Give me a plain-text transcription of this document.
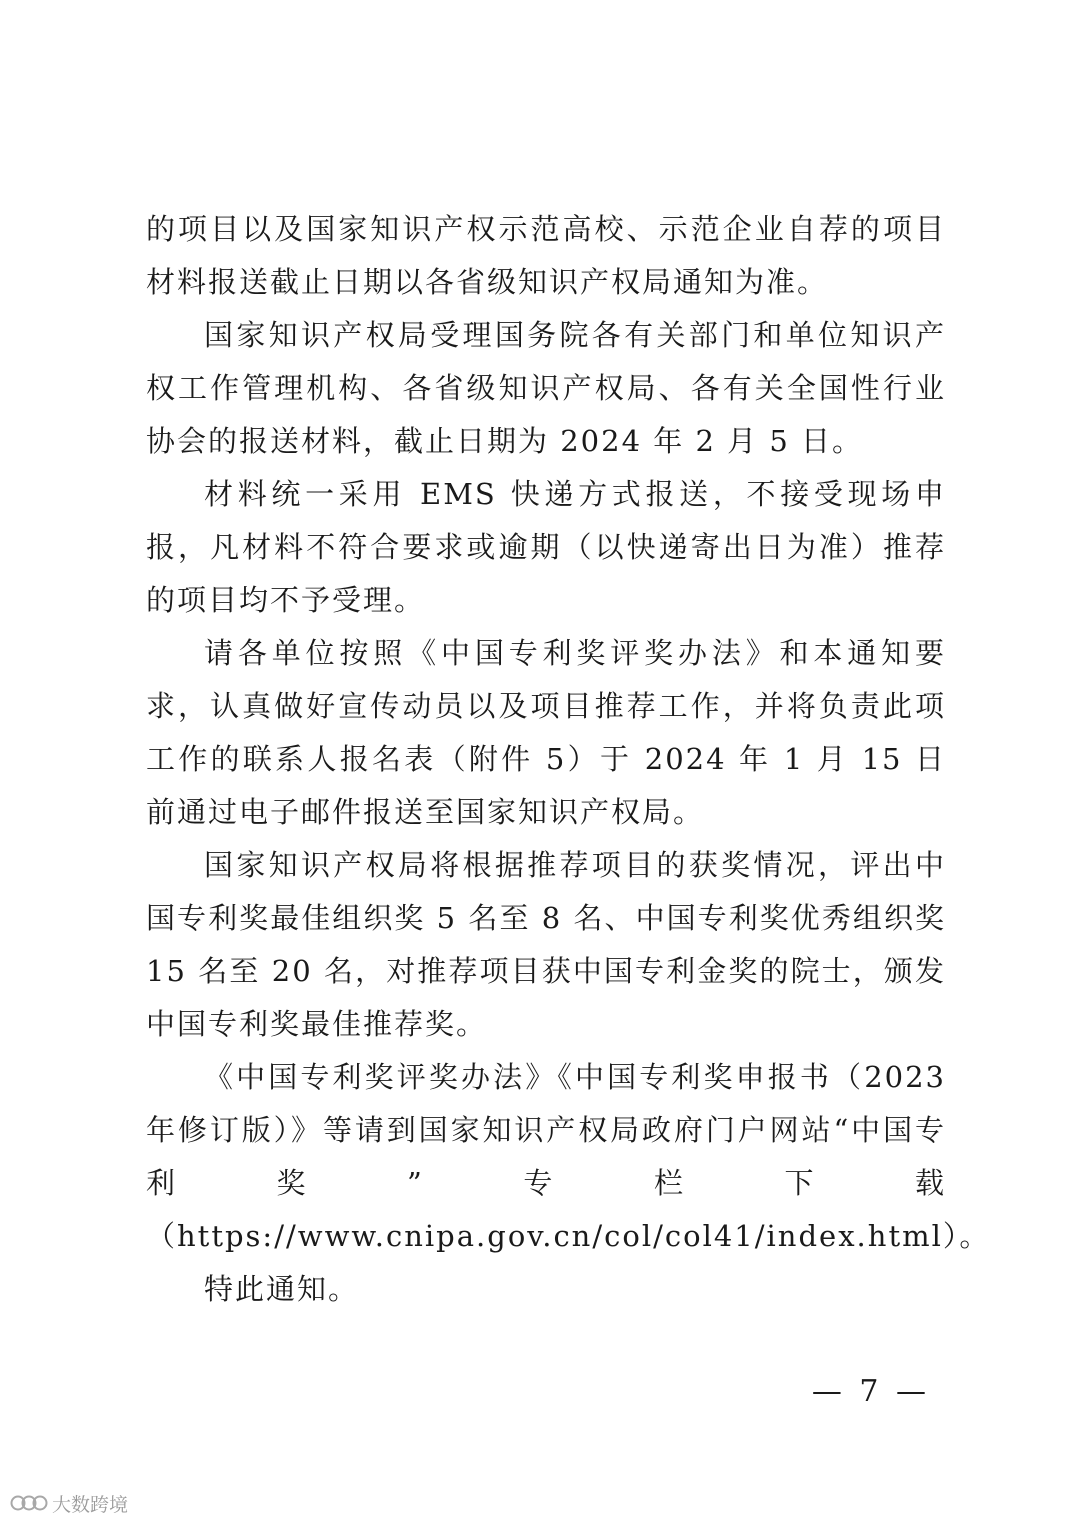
的项目以及国家知识产权示范高校、示范企业自荐的项目材料报送截止日期以各省级知识产权局通知为准。

国家知识产权局受理国务院各有关部门和单位知识产权工作管理机构、各省级知识产权局、各有关全国性行业协会的报送材料，截止日期为 2024 年 2 月 5 日。

材料统一采用 EMS 快递方式报送，不接受现场申报，凡材料不符合要求或逾期（以快递寄出日为准）推荐的项目均不予受理。

请各单位按照《中国专利奖评奖办法》和本通知要求，认真做好宣传动员以及项目推荐工作，并将负责此项工作的联系人报名表（附件 5）于 2024 年 1 月 15 日前通过电子邮件报送至国家知识产权局。

国家知识产权局将根据推荐项目的获奖情况，评出中国专利奖最佳组织奖 5 名至 8 名、中国专利奖优秀组织奖 15 名至 20 名，对推荐项目获中国专利金奖的院士，颁发中国专利奖最佳推荐奖。

《中国专利奖评奖办法》《中国专利奖申报书（2023 年修订版）》等请到国家知识产权局政府门户网站“中国专利奖”专栏下载（https://www.cnipa.gov.cn/col/col41/index.html）。

特此通知。

— 7 —
大数跨境
